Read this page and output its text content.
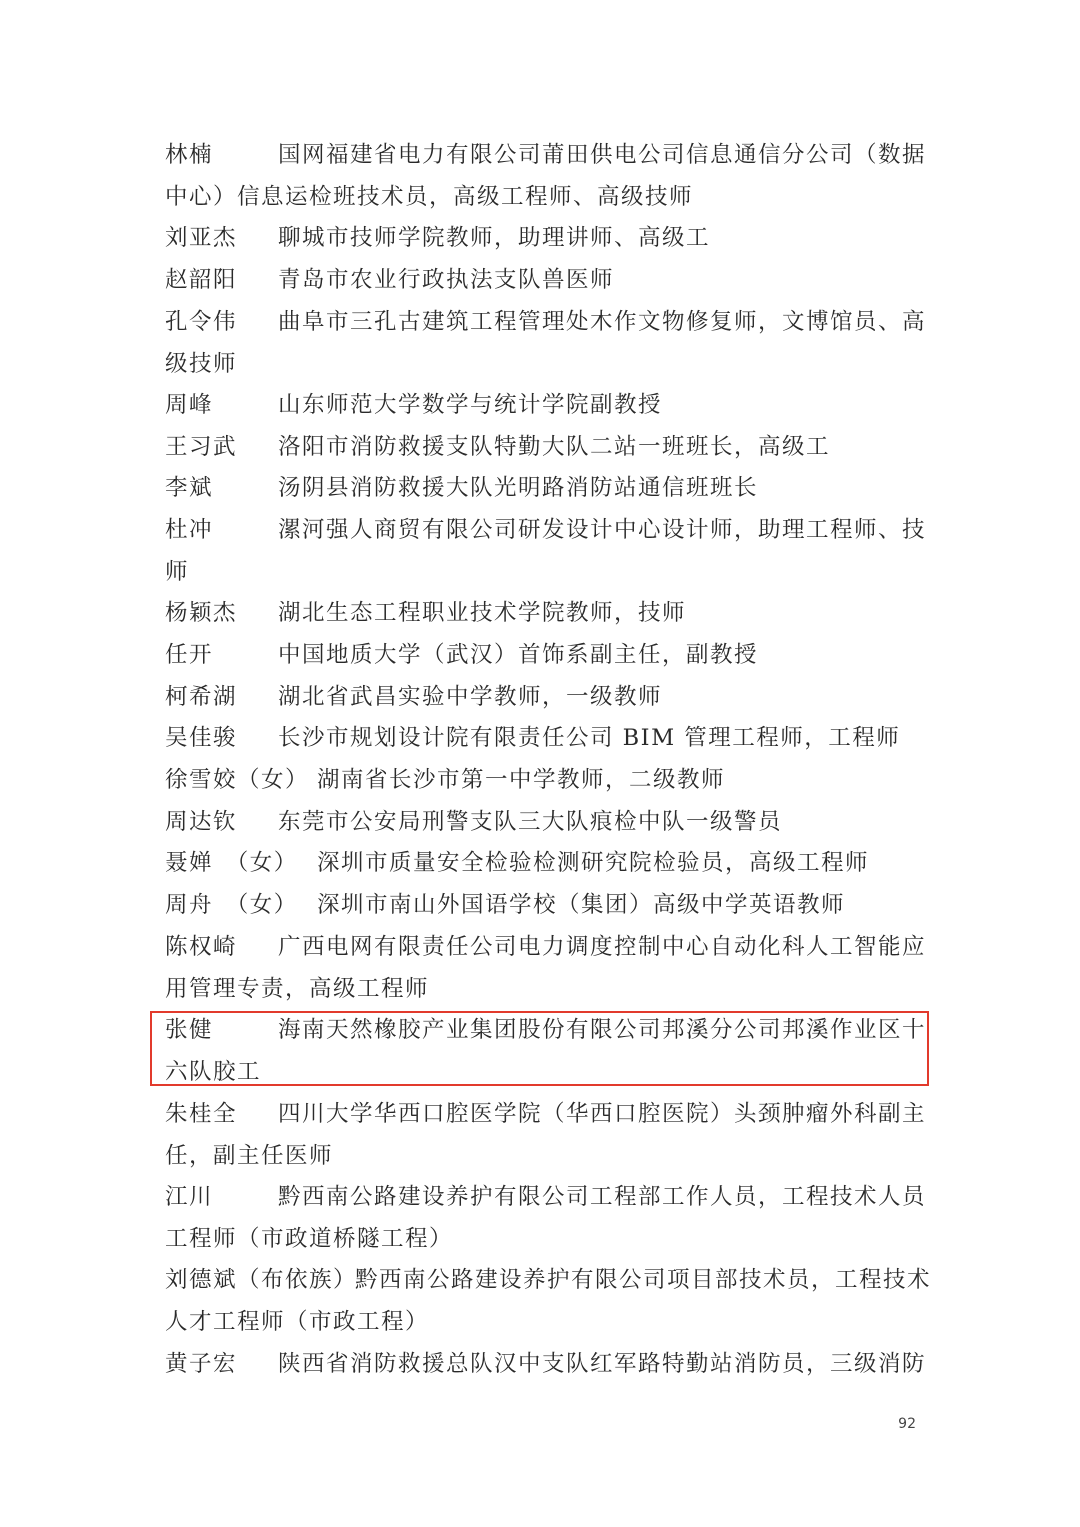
林楠	国网福建省电力有限公司莆田供电公司信息通信分公司（数据
中心）信息运检班技术员，高级工程师、高级技师
刘亚杰 聊城市技师学院教师，助理讲师、高级工
赵韶阳 青岛市农业行政执法支队兽医师
孔令伟 曲阜市三孔古建筑工程管理处木作文物修复师，文博馆员、高
级技师
周峰	山东师范大学数学与统计学院副教授
王习武 洛阳市消防救援支队特勤大队二站一班班长，高级工
李斌	汤阴县消防救援大队光明路消防站通信班班长
杜冲	漯河强人商贸有限公司研发设计中心设计师，助理工程师、技
师
杨颖杰 湖北生态工程职业技术学院教师，技师
任开	中国地质大学（武汉）首饰系副主任，副教授
柯希湖 湖北省武昌实验中学教师，一级教师
吴佳骏 长沙市规划设计院有限责任公司 BIM 管理工程师，工程师
徐雪姣（女） 湖南省长沙市第一中学教师，二级教师
周达钦 东莞市公安局刑警支队三大队痕检中队一级警员
聂婵　（女） 深圳市质量安全检验检测研究院检验员，高级工程师
周舟　（女） 深圳市南山外国语学校（集团）高级中学英语教师
陈权崎 广西电网有限责任公司电力调度控制中心自动化科人工智能应
用管理专责，高级工程师
张健	海南天然橡胶产业集团股份有限公司邦溪分公司邦溪作业区十
六队胶工
朱桂全 四川大学华西口腔医学院（华西口腔医院）头颈肿瘤外科副主
任，副主任医师
江川	黔西南公路建设养护有限公司工程部工作人员，工程技术人员
工程师（市政道桥隧工程）
刘德斌（布依族）黔西南公路建设养护有限公司项目部技术员，工程技术
人才工程师（市政工程）
黄子宏 陕西省消防救援总队汉中支队红军路特勤站消防员，三级消防
92
